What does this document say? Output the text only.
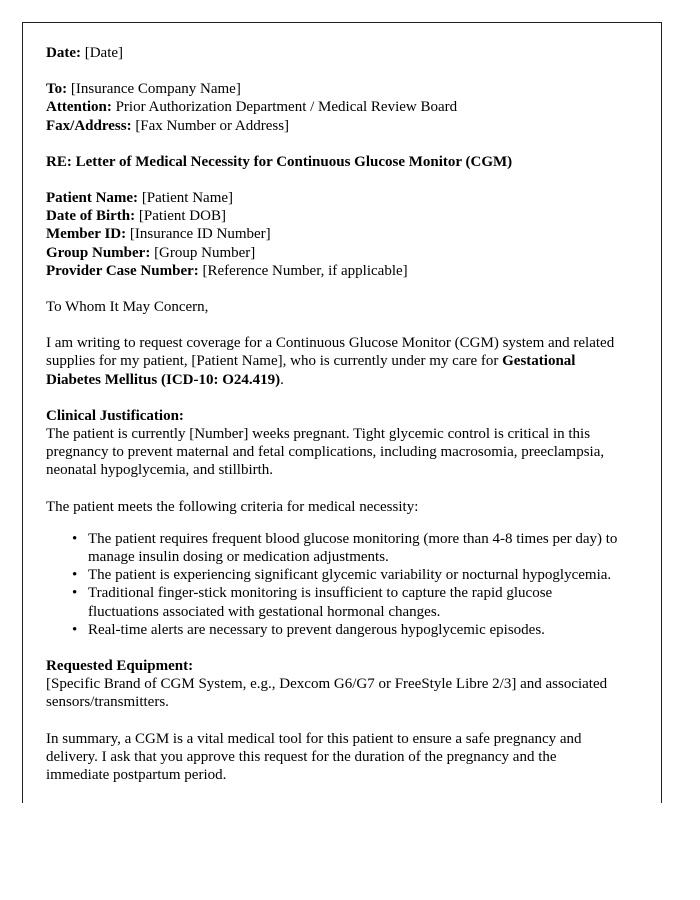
Date: [Date]
To: [Insurance Company Name]
Attention: Prior Authorization Department / Medical Review Board
Fax/Address: [Fax Number or Address]
RE: Letter of Medical Necessity for Continuous Glucose Monitor (CGM)
Patient Name: [Patient Name]
Date of Birth: [Patient DOB]
Member ID: [Insurance ID Number]
Group Number: [Group Number]
Provider Case Number: [Reference Number, if applicable]
To Whom It May Concern,
I am writing to request coverage for a Continuous Glucose Monitor (CGM) system and related supplies for my patient, [Patient Name], who is currently under my care for Gestational Diabetes Mellitus (ICD-10: O24.419).
Clinical Justification:
The patient is currently [Number] weeks pregnant. Tight glycemic control is critical in this pregnancy to prevent maternal and fetal complications, including macrosomia, preeclampsia, neonatal hypoglycemia, and stillbirth.
The patient meets the following criteria for medical necessity:
• The patient requires frequent blood glucose monitoring (more than 4-8 times per day) to manage insulin dosing or medication adjustments.
• The patient is experiencing significant glycemic variability or nocturnal hypoglycemia.
• Traditional finger-stick monitoring is insufficient to capture the rapid glucose fluctuations associated with gestational hormonal changes.
• Real-time alerts are necessary to prevent dangerous hypoglycemic episodes.
Requested Equipment:
[Specific Brand of CGM System, e.g., Dexcom G6/G7 or FreeStyle Libre 2/3] and associated sensors/transmitters.
In summary, a CGM is a vital medical tool for this patient to ensure a safe pregnancy and delivery. I ask that you approve this request for the duration of the pregnancy and the immediate postpartum period.
